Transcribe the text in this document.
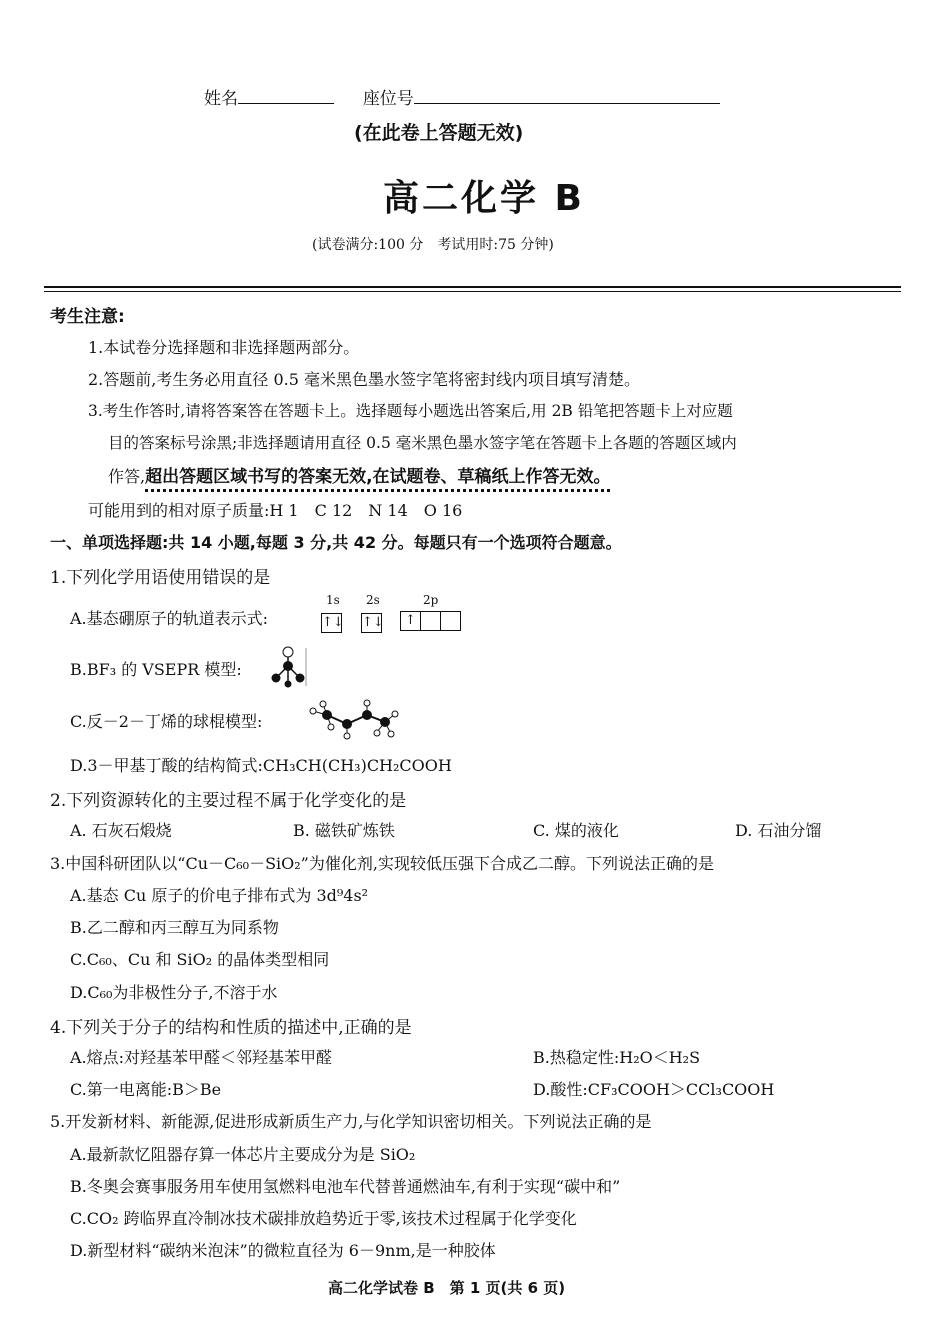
姓名	座位号
(在此卷上答题无效)
高二化学 B
(试卷满分:100 分　考试用时:75 分钟)
考生注意:
1.本试卷分选择题和非选择题两部分。
2.答题前,考生务必用直径 0.5 毫米黑色墨水签字笔将密封线内项目填写清楚。
3.考生作答时,请将答案答在答题卡上。选择题每小题选出答案后,用 2B 铅笔把答题卡上对应题
目的答案标号涂黑;非选择题请用直径 0.5 毫米黑色墨水签字笔在答题卡上各题的答题区域内
作答,超出答题区域书写的答案无效,在试题卷、草稿纸上作答无效。
可能用到的相对原子质量:H 1　C 12　N 14　O 16
一、单项选择题:共 14 小题,每题 3 分,共 42 分。每题只有一个选项符合题意。
1.下列化学用语使用错误的是
A.基态硼原子的轨道表示式:
1s 2s	2p
↑↓ ↑↓	↑
B.BF₃ 的 VSEPR 模型:
C.反－2－丁烯的球棍模型:
D.3－甲基丁酸的结构简式:CH₃CH(CH₃)CH₂COOH
2.下列资源转化的主要过程不属于化学变化的是
A. 石灰石煅烧	B. 磁铁矿炼铁	C. 煤的液化	D. 石油分馏
3.中国科研团队以“Cu－C₆₀－SiO₂”为催化剂,实现较低压强下合成乙二醇。下列说法正确的是
A.基态 Cu 原子的价电子排布式为 3d⁹4s²
B.乙二醇和丙三醇互为同系物
C.C₆₀、Cu 和 SiO₂ 的晶体类型相同
D.C₆₀为非极性分子,不溶于水
4.下列关于分子的结构和性质的描述中,正确的是
A.熔点:对羟基苯甲醛＜邻羟基苯甲醛	B.热稳定性:H₂O＜H₂S
C.第一电离能:B＞Be	D.酸性:CF₃COOH＞CCl₃COOH
5.开发新材料、新能源,促进形成新质生产力,与化学知识密切相关。下列说法正确的是
A.最新款忆阻器存算一体芯片主要成分为是 SiO₂
B.冬奥会赛事服务用车使用氢燃料电池车代替普通燃油车,有利于实现“碳中和”
C.CO₂ 跨临界直冷制冰技术碳排放趋势近于零,该技术过程属于化学变化
D.新型材料“碳纳米泡沫”的微粒直径为 6－9nm,是一种胶体
高二化学试卷 B　第 1 页(共 6 页)
